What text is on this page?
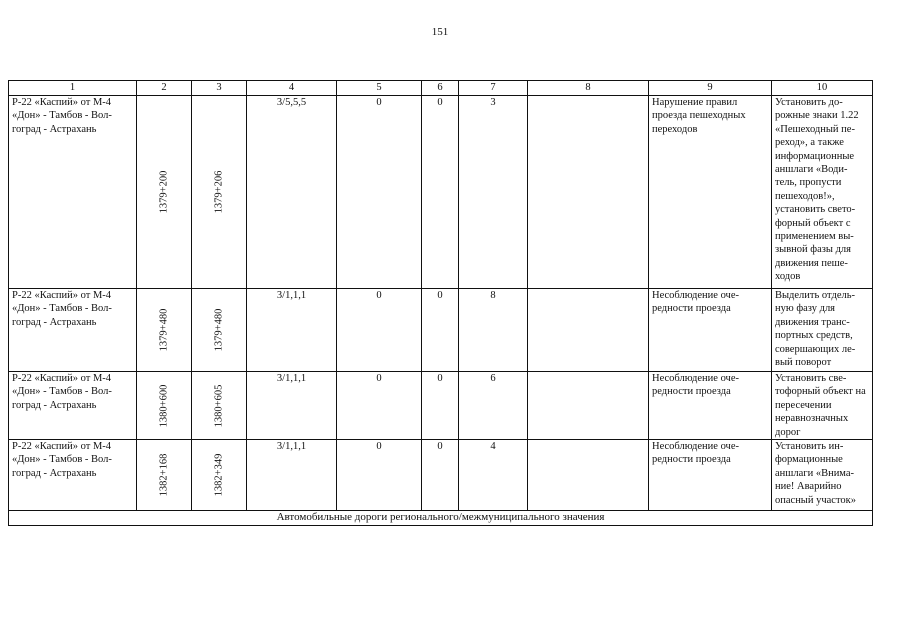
151
1	2	3	4	5	6	7	8	9	10
Р-22 «Каспий» от М-4 «Дон» - Тамбов - Вол-гоград - Астрахань	1379+200	1379+206	3/5,5,5	0	0	3		Нарушение правил проезда пешеходных переходов	Установить до-рожные знаки 1.22 «Пешеходный пе-реход», а также информационные аншлаги «Води-тель, пропусти пешеходов!», установить свето-форный объект с применением вы-зывной фазы для движения пеше-ходов
Р-22 «Каспий» от М-4 «Дон» - Тамбов - Вол-гоград - Астрахань	1379+480	1379+480	3/1,1,1	0	0	8		Несоблюдение оче-редности проезда	Выделить отдель-ную фазу для движения транс-портных средств, совершающих ле-вый поворот
Р-22 «Каспий» от М-4 «Дон» - Тамбов - Вол-гоград - Астрахань	1380+600	1380+605	3/1,1,1	0	0	6		Несоблюдение оче-редности проезда	Установить све-тофорный объект на пересечении неравнозначных дорог
Р-22 «Каспий» от М-4 «Дон» - Тамбов - Вол-гоград - Астрахань	1382+168	1382+349	3/1,1,1	0	0	4		Несоблюдение оче-редности проезда	Установить ин-формационные аншлаги «Внима-ние! Аварийно опасный участок»
Автомобильные дороги регионального/межмуниципального значения									
